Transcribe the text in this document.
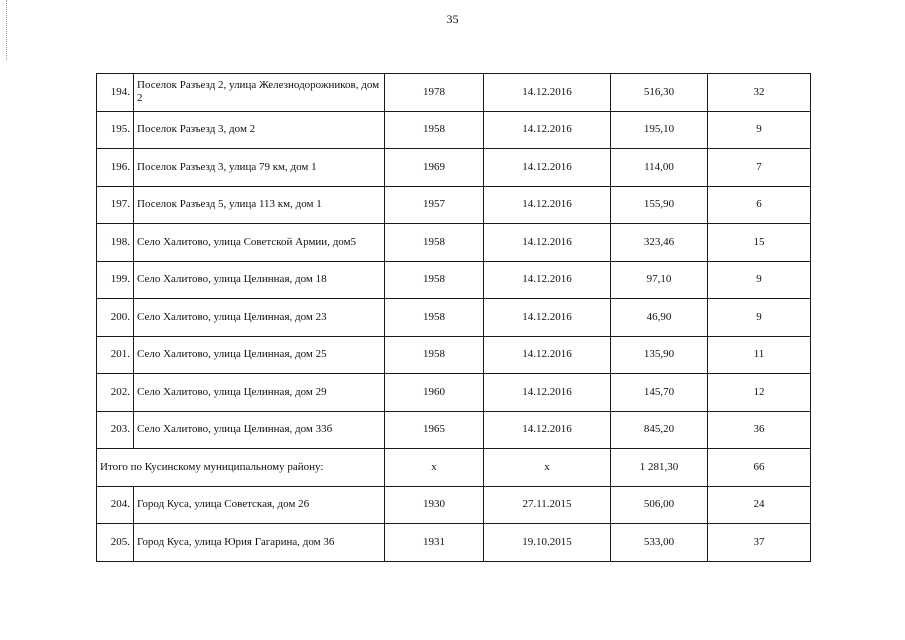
35
194.	Поселок Разъезд 2, улица Железнодорожников, дом 2	1978	14.12.2016	516,30	32
195.	Поселок Разъезд 3, дом 2	1958	14.12.2016	195,10	9
196.	Поселок Разъезд 3, улица 79 км, дом 1	1969	14.12.2016	114,00	7
197.	Поселок Разъезд 5, улица 113 км, дом 1	1957	14.12.2016	155,90	6
198.	Село Халитово, улица Советской Армии, дом5	1958	14.12.2016	323,46	15
199.	Село Халитово, улица Целинная, дом 18	1958	14.12.2016	97,10	9
200.	Село Халитово, улица Целинная, дом 23	1958	14.12.2016	46,90	9
201.	Село Халитово, улица Целинная, дом 25	1958	14.12.2016	135,90	11
202.	Село Халитово, улица Целинная, дом 29	1960	14.12.2016	145,70	12
203.	Село Халитово, улица Целинная, дом 33б	1965	14.12.2016	845,20	36
Итого по Кусинскому муниципальному району:		х	х	1 281,30	66
204.	Город Куса, улица Советская, дом 26	1930	27.11.2015	506,00	24
205.	Город Куса, улица Юрия Гагарина, дом 36	1931	19.10.2015	533,00	37
